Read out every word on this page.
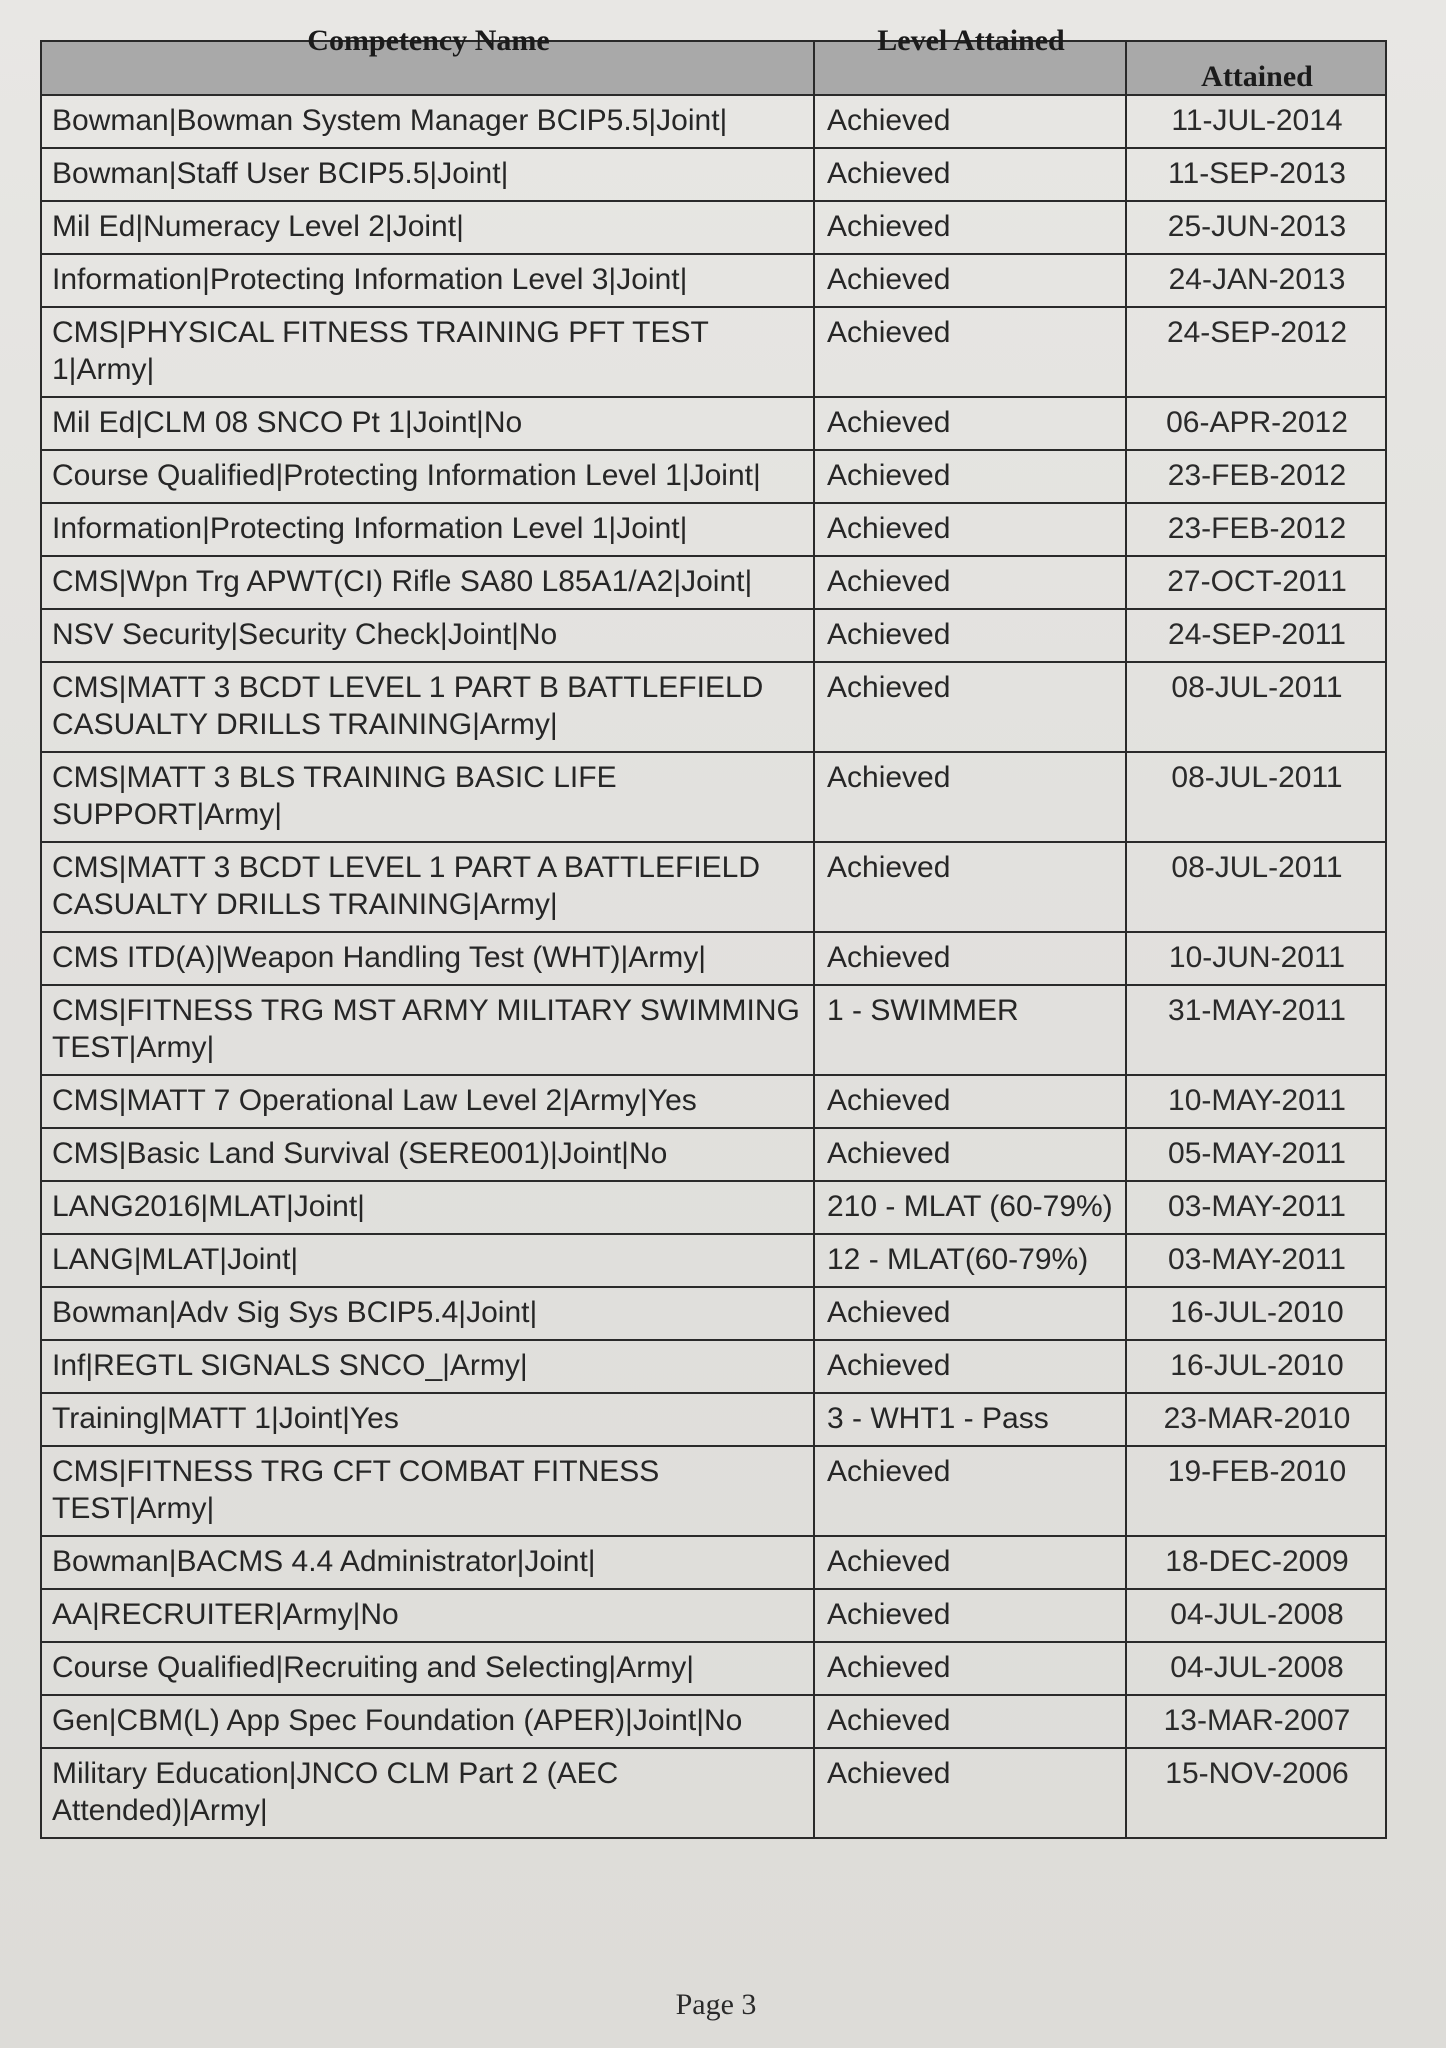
Competency Name	Level Attained	Attained
Bowman|Bowman System Manager BCIP5.5|Joint|	Achieved	11-JUL-2014
Bowman|Staff User BCIP5.5|Joint|	Achieved	11-SEP-2013
Mil Ed|Numeracy Level 2|Joint|	Achieved	25-JUN-2013
Information|Protecting Information Level 3|Joint|	Achieved	24-JAN-2013
CMS|PHYSICAL FITNESS TRAINING PFT TEST 1|Army|	Achieved	24-SEP-2012
Mil Ed|CLM 08 SNCO Pt 1|Joint|No	Achieved	06-APR-2012
Course Qualified|Protecting Information Level 1|Joint|	Achieved	23-FEB-2012
Information|Protecting Information Level 1|Joint|	Achieved	23-FEB-2012
CMS|Wpn Trg APWT(CI) Rifle SA80 L85A1/A2|Joint|	Achieved	27-OCT-2011
NSV Security|Security Check|Joint|No	Achieved	24-SEP-2011
CMS|MATT 3 BCDT LEVEL 1 PART B BATTLEFIELD CASUALTY DRILLS TRAINING|Army|	Achieved	08-JUL-2011
CMS|MATT 3 BLS TRAINING BASIC LIFE SUPPORT|Army|	Achieved	08-JUL-2011
CMS|MATT 3 BCDT LEVEL 1 PART A BATTLEFIELD CASUALTY DRILLS TRAINING|Army|	Achieved	08-JUL-2011
CMS ITD(A)|Weapon Handling Test (WHT)|Army|	Achieved	10-JUN-2011
CMS|FITNESS TRG MST ARMY MILITARY SWIMMING TEST|Army|	1 - SWIMMER	31-MAY-2011
CMS|MATT 7 Operational Law Level 2|Army|Yes	Achieved	10-MAY-2011
CMS|Basic Land Survival (SERE001)|Joint|No	Achieved	05-MAY-2011
LANG2016|MLAT|Joint|	210 - MLAT (60-79%)	03-MAY-2011
LANG|MLAT|Joint|	12 - MLAT(60-79%)	03-MAY-2011
Bowman|Adv Sig Sys BCIP5.4|Joint|	Achieved	16-JUL-2010
Inf|REGTL SIGNALS SNCO_|Army|	Achieved	16-JUL-2010
Training|MATT 1|Joint|Yes	3 - WHT1 - Pass	23-MAR-2010
CMS|FITNESS TRG CFT COMBAT FITNESS TEST|Army|	Achieved	19-FEB-2010
Bowman|BACMS 4.4 Administrator|Joint|	Achieved	18-DEC-2009
AA|RECRUITER|Army|No	Achieved	04-JUL-2008
Course Qualified|Recruiting and Selecting|Army|	Achieved	04-JUL-2008
Gen|CBM(L) App Spec Foundation (APER)|Joint|No	Achieved	13-MAR-2007
Military Education|JNCO CLM Part 2 (AEC Attended)|Army|	Achieved	15-NOV-2006
Page 3
